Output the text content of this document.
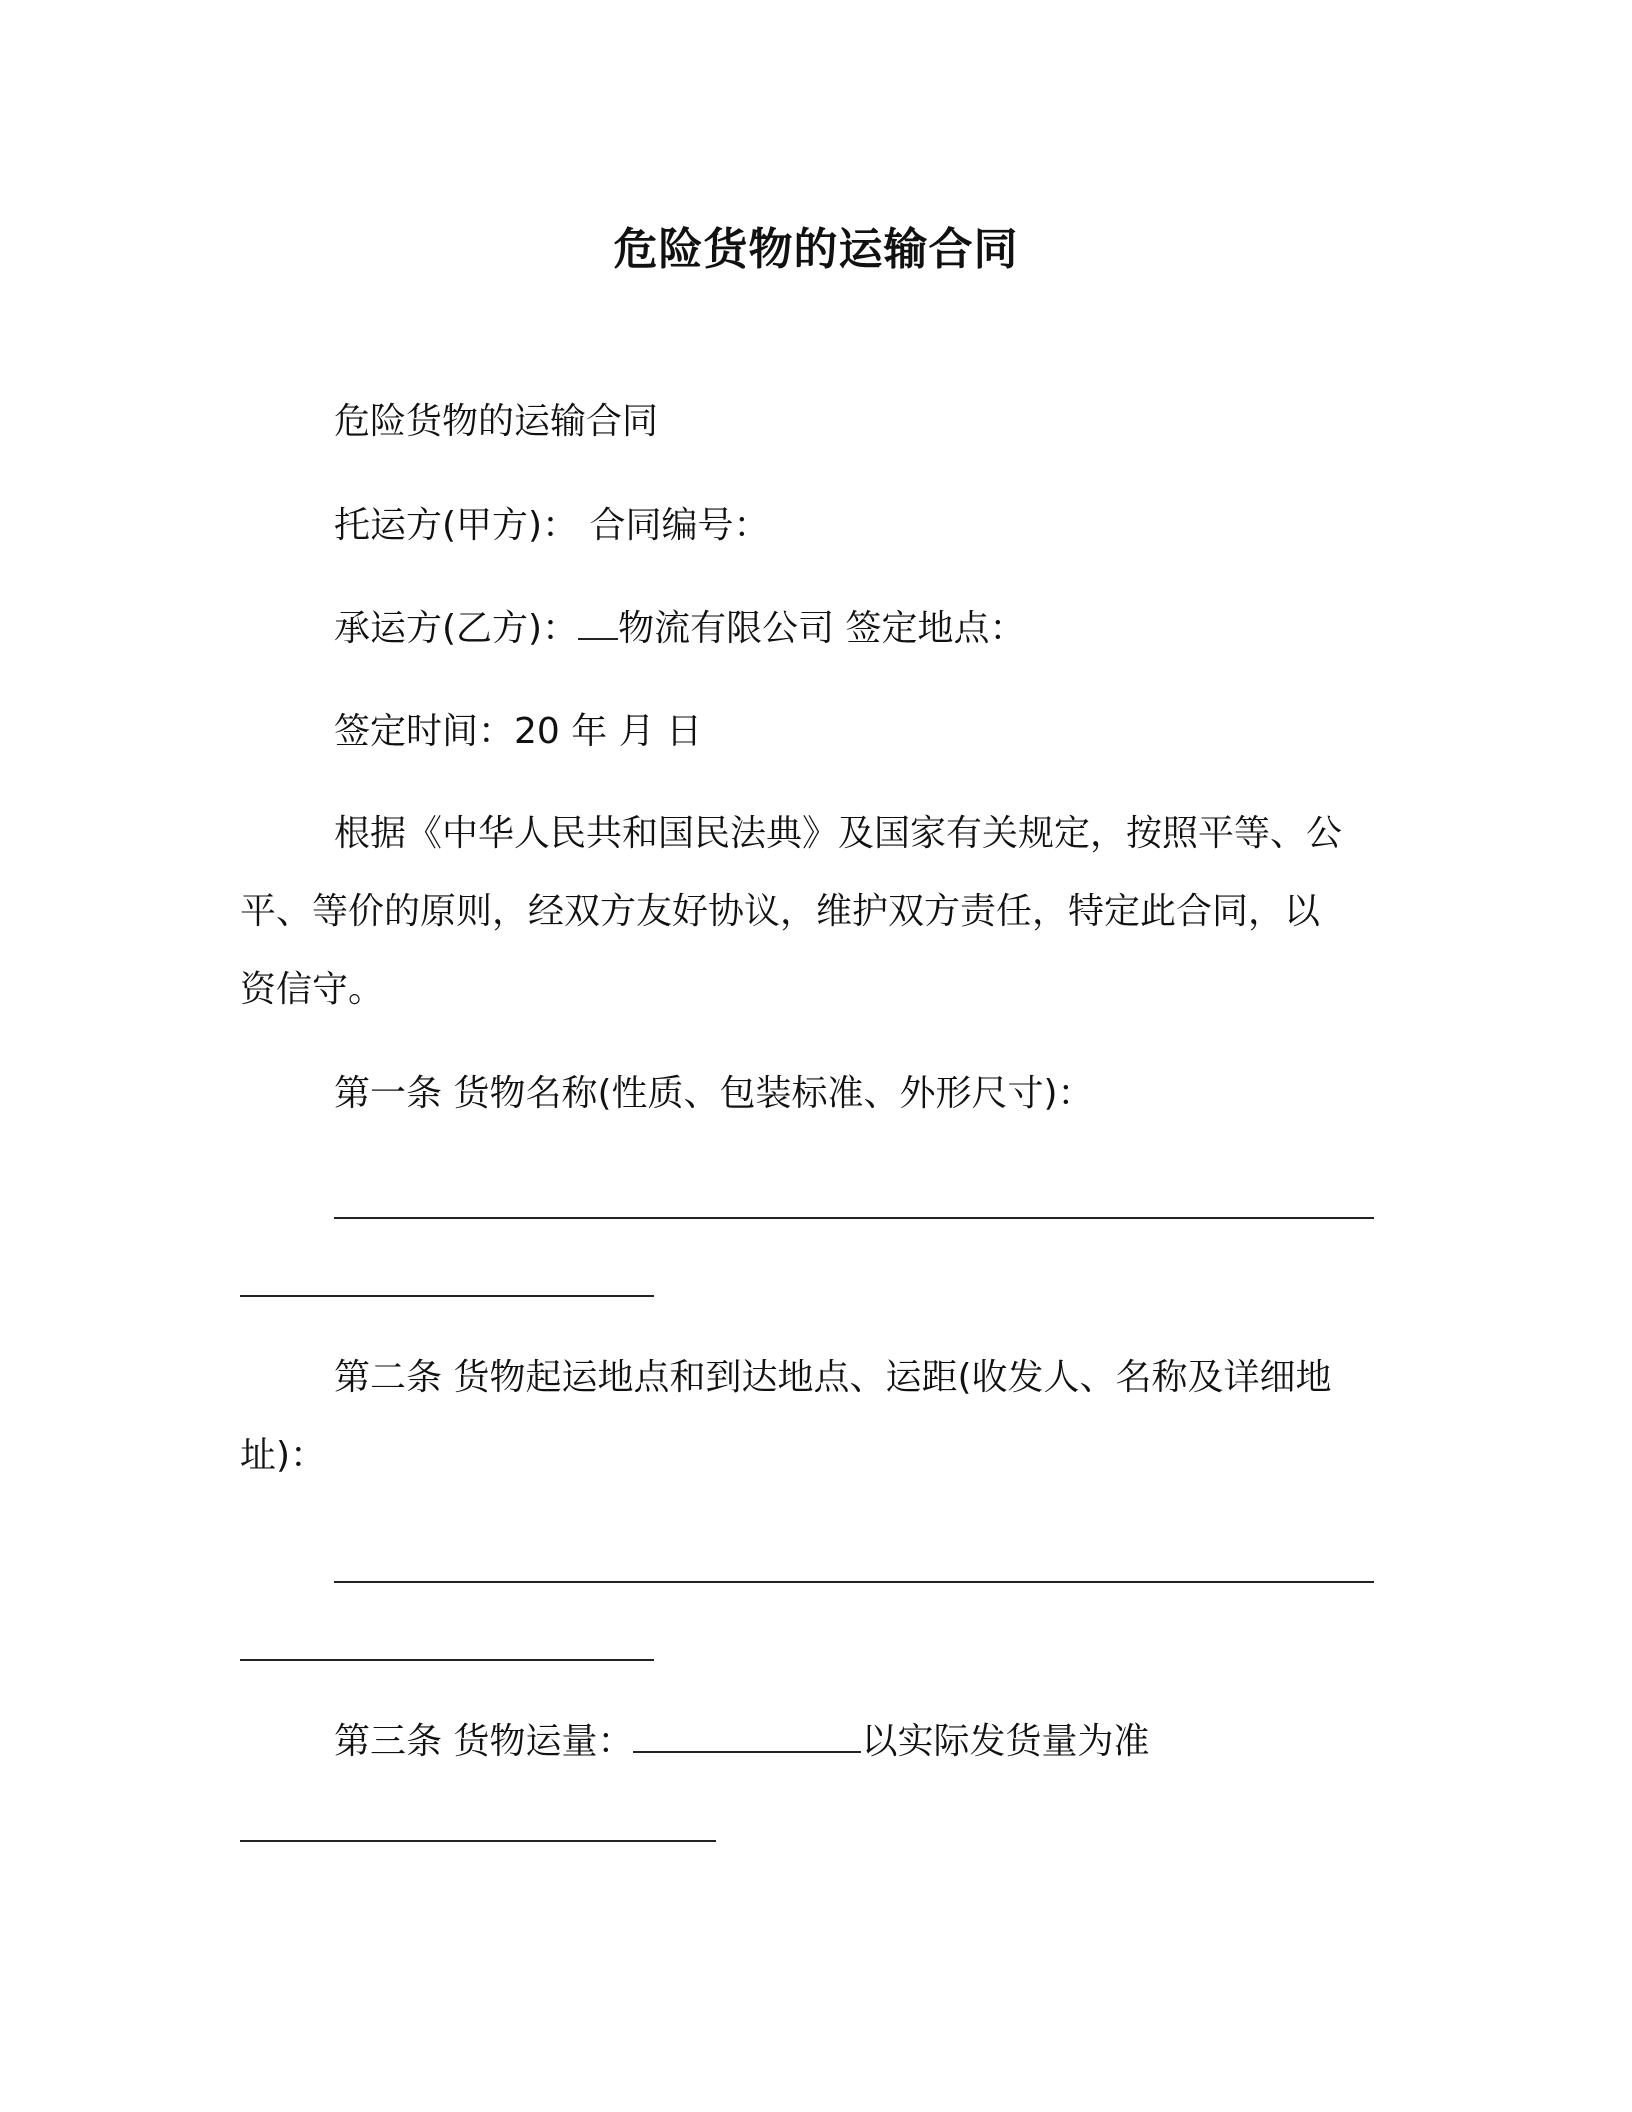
危险货物的运输合同
危险货物的运输合同
托运方(甲方)： 合同编号：
承运方(乙方)： 物流有限公司 签定地点：
签定时间：20 年 月 日
根据《中华人民共和国民法典》及国家有关规定，按照平等、公
平、等价的原则，经双方友好协议，维护双方责任，特定此合同，以
资信守。
第一条 货物名称(性质、包装标准、外形尺寸)：
第二条 货物起运地点和到达地点、运距(收发人、名称及详细地
址)：
第三条 货物运量：	以实际发货量为准
